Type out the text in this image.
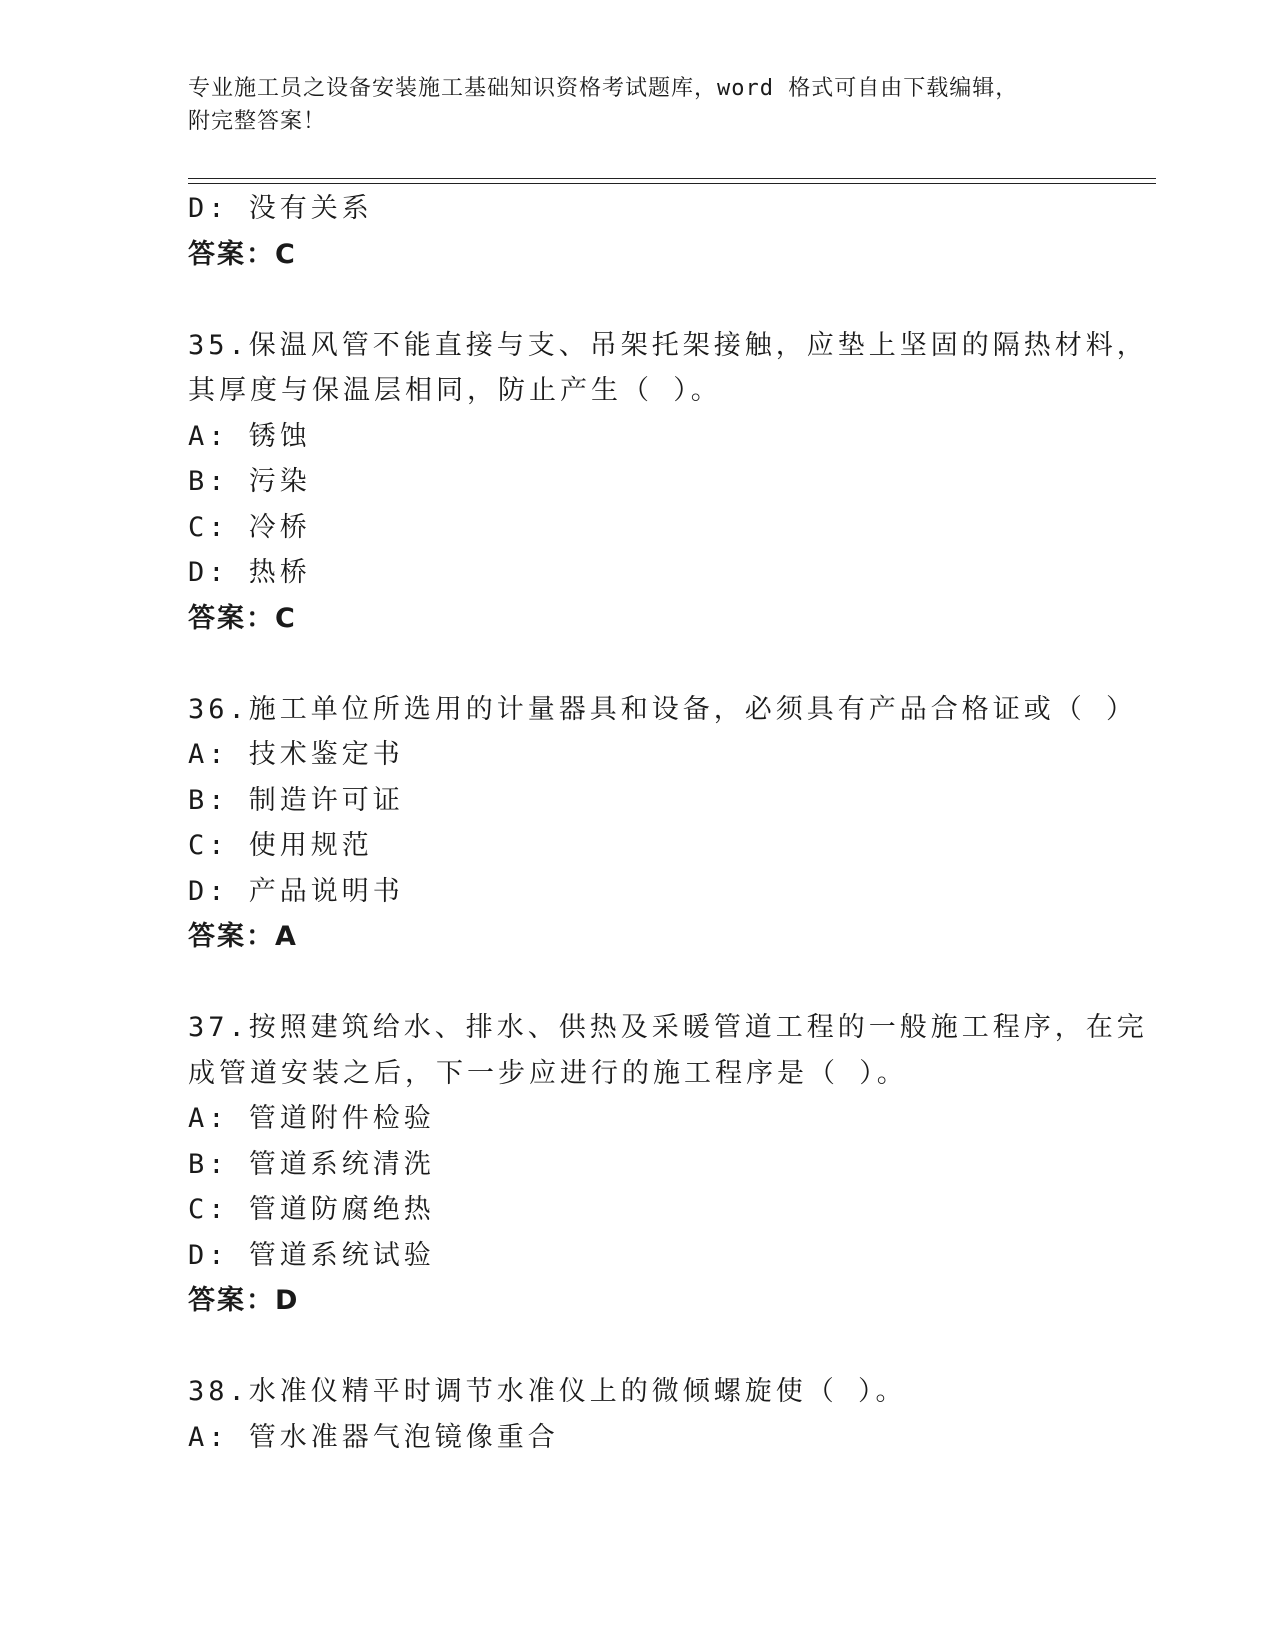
专业施工员之设备安装施工基础知识资格考试题库，word 格式可自由下载编辑，
附完整答案！
D: 没有关系
答案：C
35.保温风管不能直接与支、吊架托架接触，应垫上坚固的隔热材料，
其厚度与保温层相同，防止产生（ ）。
A: 锈蚀
B: 污染
C: 冷桥
D: 热桥
答案：C
36.施工单位所选用的计量器具和设备，必须具有产品合格证或（ ）
A: 技术鉴定书
B: 制造许可证
C: 使用规范
D: 产品说明书
答案：A
37.按照建筑给水、排水、供热及采暖管道工程的一般施工程序，在完
成管道安装之后，下一步应进行的施工程序是（ ）。
A: 管道附件检验
B: 管道系统清洗
C: 管道防腐绝热
D: 管道系统试验
答案：D
38.水准仪精平时调节水准仪上的微倾螺旋使（ ）。
A: 管水准器气泡镜像重合
